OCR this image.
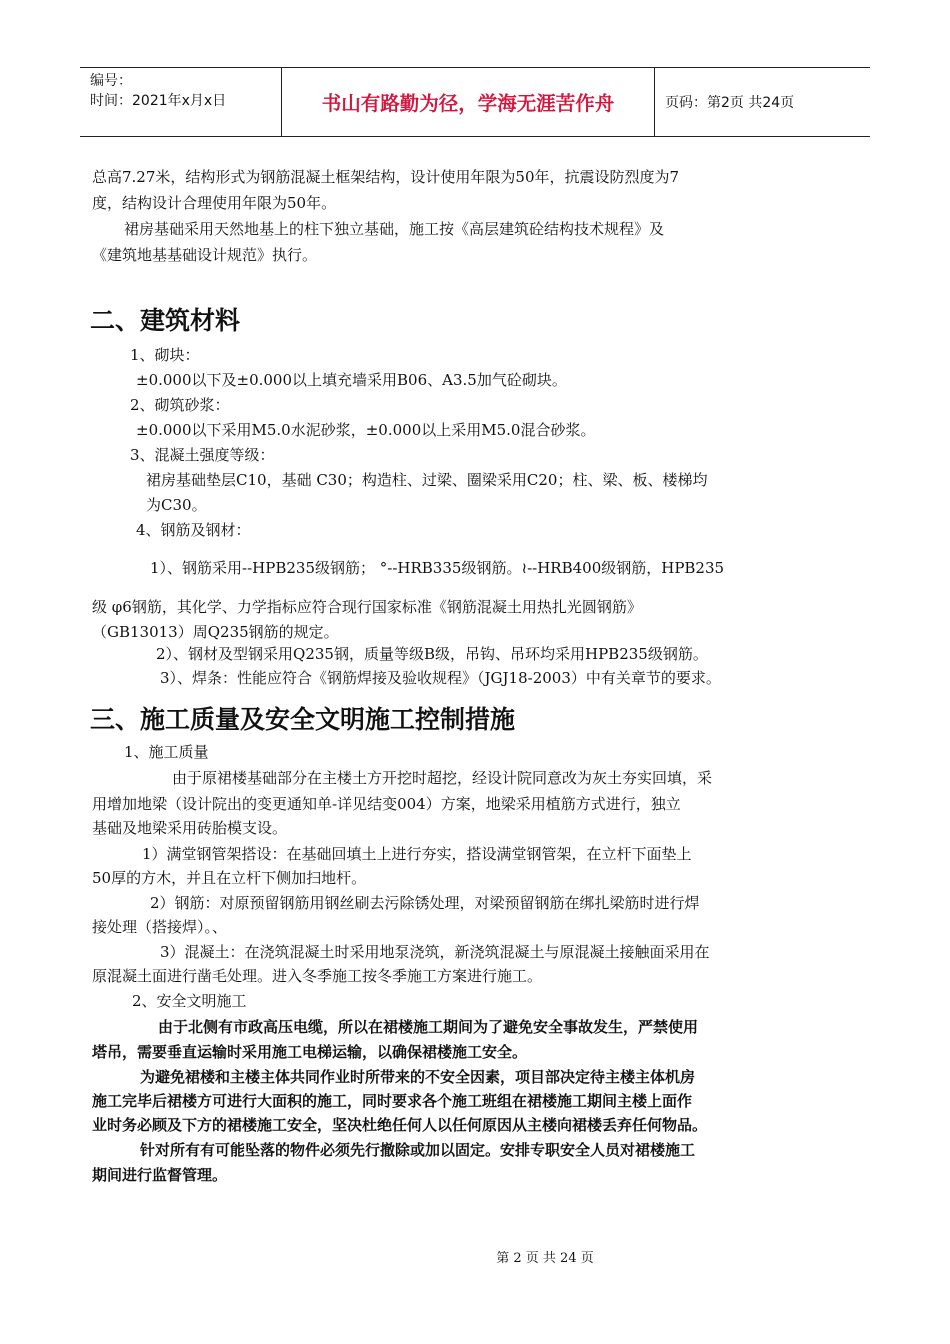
编号：
时间：2021年x月x日	书山有路勤为径，学海无涯苦作舟	页码：第2页 共24页
总高7.27米，结构形式为钢筋混凝土框架结构，设计使用年限为50年，抗震设防烈度为7
度，结构设计合理使用年限为50年。
裙房基础采用天然地基上的柱下独立基础，施工按《高层建筑砼结构技术规程》及
《建筑地基基础设计规范》执行。
二、建筑材料
1、砌块：
±0.000以下及±0.000以上填充墙采用B06、A3.5加气砼砌块。
2、砌筑砂浆：
±0.000以下采用M5.0水泥砂浆，±0.000以上采用M5.0混合砂浆。
3、混凝土强度等级：
裙房基础垫层C10，基础 C30；构造柱、过梁、圈梁采用C20；柱、梁、板、楼梯均
为C30。
4、钢筋及钢材：
1）、钢筋采用--HPB235级钢筋； °--HRB335级钢筋。≀--HRB400级钢筋，HPB235
级 φ6钢筋，其化学、力学指标应符合现行国家标准《钢筋混凝土用热扎光圆钢筋》
（GB13013）周Q235钢筋的规定。
2）、钢材及型钢采用Q235钢，质量等级B级，吊钩、吊环均采用HPB235级钢筋。
3）、焊条：性能应符合《钢筋焊接及验收规程》（JGJ18-2003）中有关章节的要求。
三、施工质量及安全文明施工控制措施
1、施工质量
由于原裙楼基础部分在主楼土方开挖时超挖，经设计院同意改为灰土夯实回填，采
用增加地梁（设计院出的变更通知单-详见结变004）方案，地梁采用植筋方式进行，独立
基础及地梁采用砖胎模支设。
1）满堂钢管架搭设：在基础回填土上进行夯实，搭设满堂钢管架，在立杆下面垫上
50厚的方木，并且在立杆下侧加扫地杆。
2）钢筋：对原预留钢筋用钢丝刷去污除锈处理，对梁预留钢筋在绑扎梁筋时进行焊
接处理（搭接焊）。、
3）混凝土：在浇筑混凝土时采用地泵浇筑，新浇筑混凝土与原混凝土接触面采用在
原混凝土面进行凿毛处理。进入冬季施工按冬季施工方案进行施工。
2、安全文明施工
由于北侧有市政高压电缆，所以在裙楼施工期间为了避免安全事故发生，严禁使用
塔吊，需要垂直运输时采用施工电梯运输，以确保裙楼施工安全。
为避免裙楼和主楼主体共同作业时所带来的不安全因素，项目部决定待主楼主体机房
施工完毕后裙楼方可进行大面积的施工，同时要求各个施工班组在裙楼施工期间主楼上面作
业时务必顾及下方的裙楼施工安全，坚决杜绝任何人以任何原因从主楼向裙楼丢弃任何物品。
针对所有有可能坠落的物件必须先行撤除或加以固定。安排专职安全人员对裙楼施工
期间进行监督管理。
第 2 页 共 24 页
